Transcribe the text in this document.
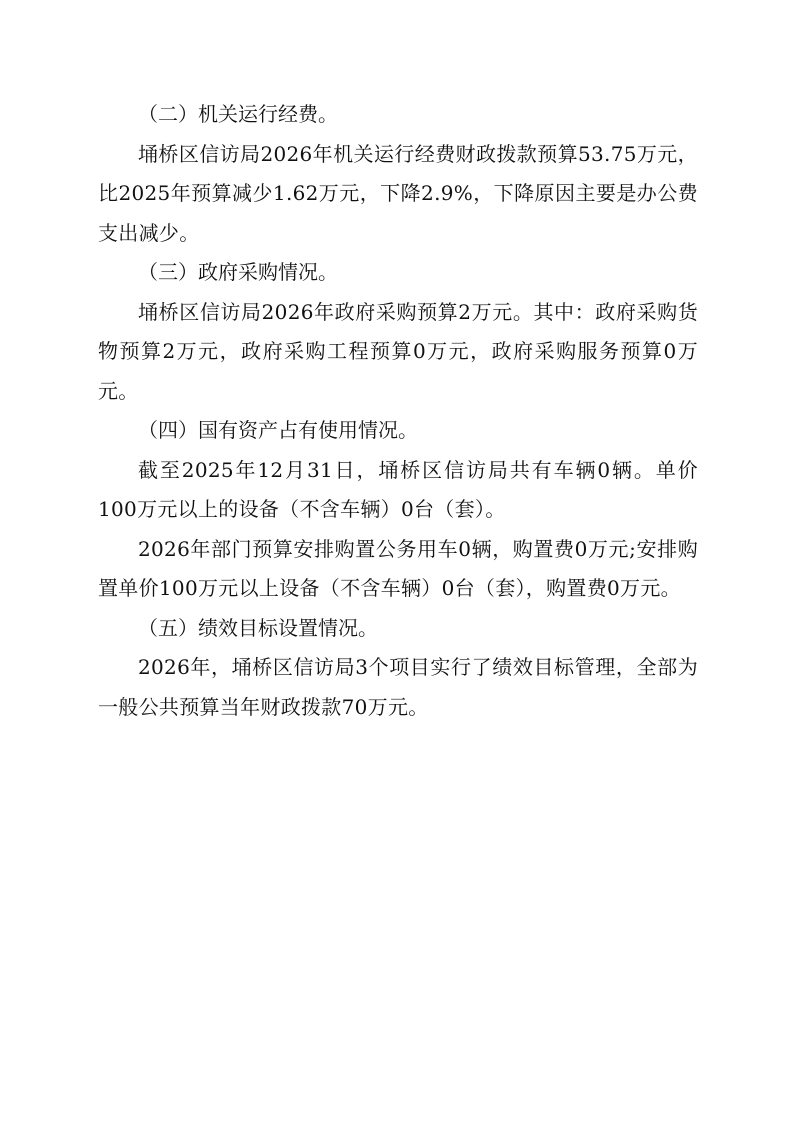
（二）机关运行经费。
埇桥区信访局2026年机关运行经费财政拨款预算53.75万元，比2025年预算减少1.62万元，下降2.9%，下降原因主要是办公费支出减少。
（三）政府采购情况。
埇桥区信访局2026年政府采购预算2万元。其中：政府采购货物预算2万元，政府采购工程预算0万元，政府采购服务预算0万元。
（四）国有资产占有使用情况。
截至2025年12月31日，埇桥区信访局共有车辆0辆。单价100万元以上的设备（不含车辆）0台（套）。
2026年部门预算安排购置公务用车0辆，购置费0万元;安排购置单价100万元以上设备（不含车辆）0台（套），购置费0万元。
（五）绩效目标设置情况。
2026年，埇桥区信访局3个项目实行了绩效目标管理，全部为一般公共预算当年财政拨款70万元。
